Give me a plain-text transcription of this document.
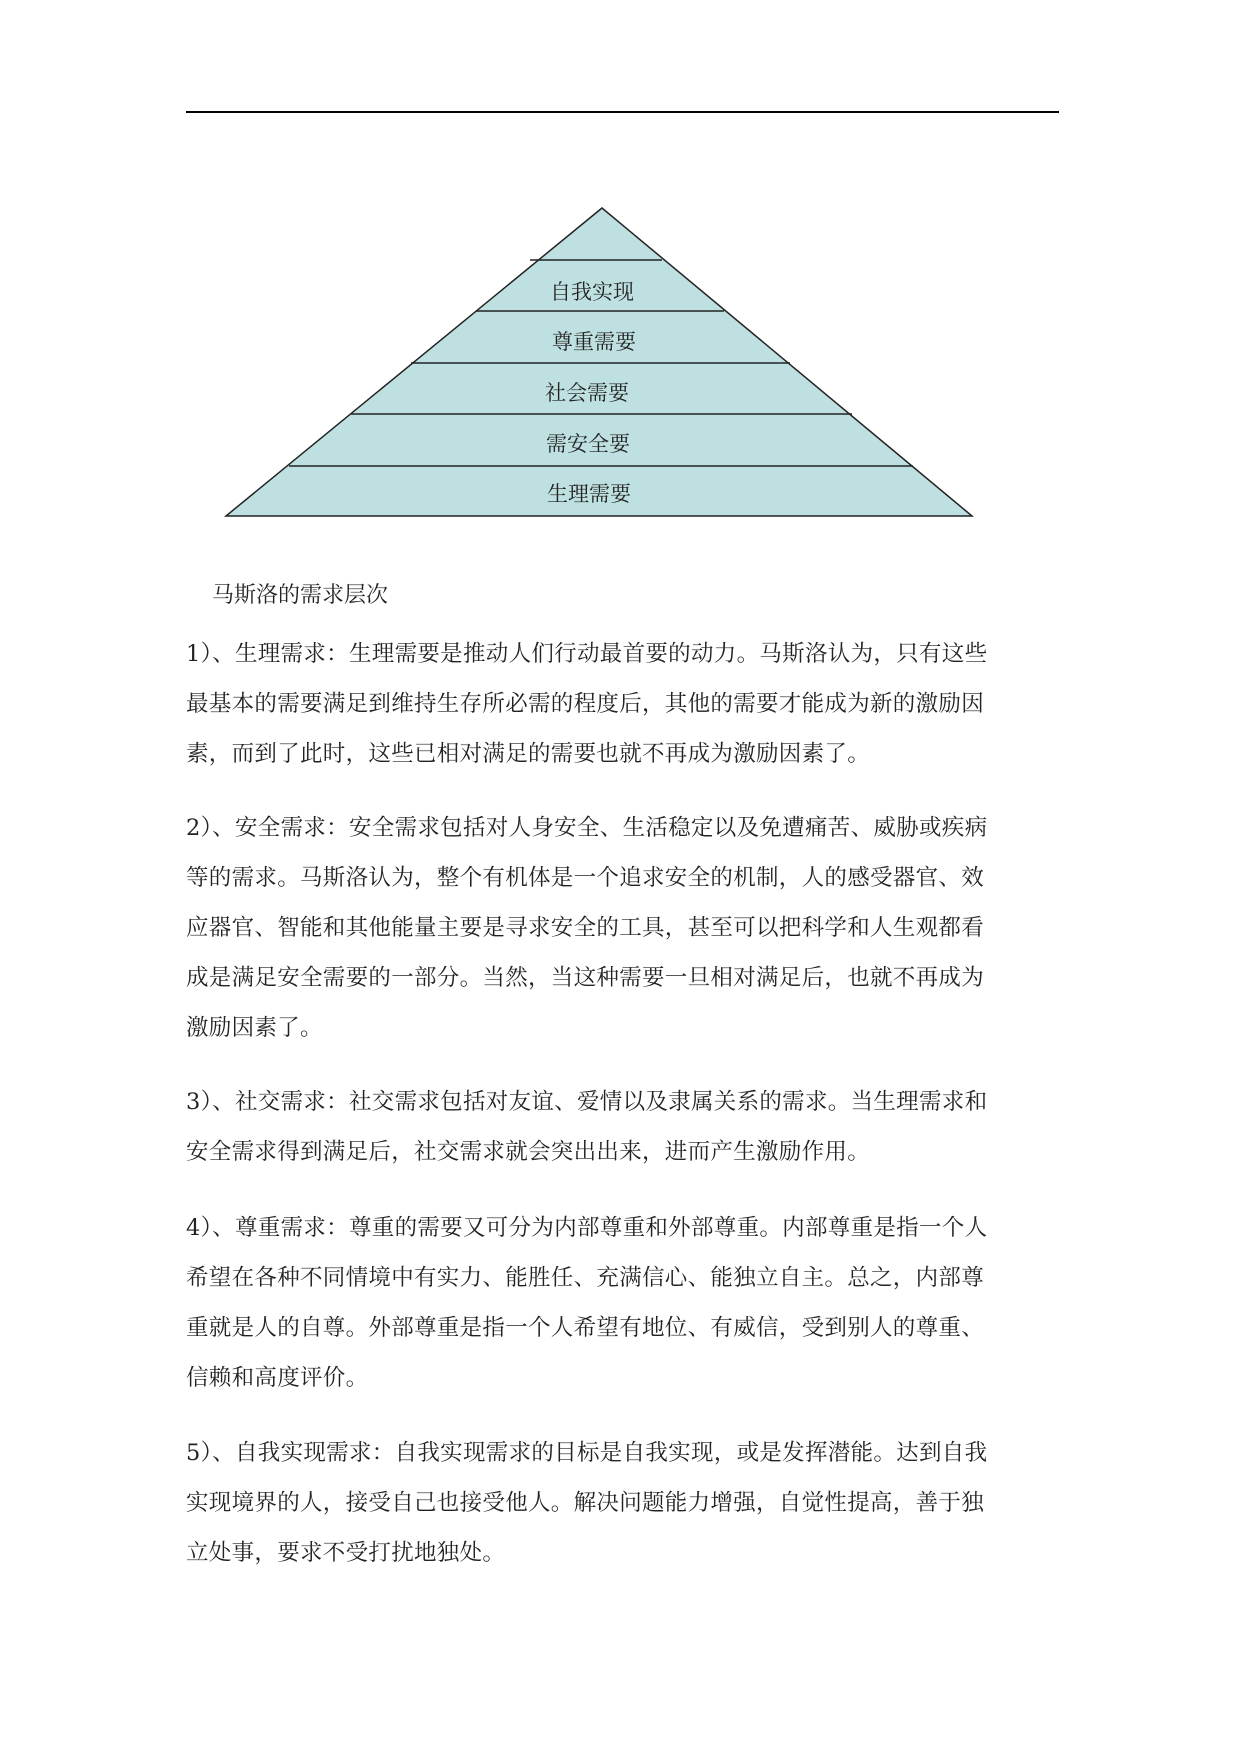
自我实现
尊重需要
社会需要
需安全要
生理需要
马斯洛的需求层次
1）、生理需求：生理需要是推动人们行动最首要的动力。马斯洛认为，只有这些
最基本的需要满足到维持生存所必需的程度后，其他的需要才能成为新的激励因
素，而到了此时，这些已相对满足的需要也就不再成为激励因素了。
2）、安全需求：安全需求包括对人身安全、生活稳定以及免遭痛苦、威胁或疾病
等的需求。马斯洛认为，整个有机体是一个追求安全的机制，人的感受器官、效
应器官、智能和其他能量主要是寻求安全的工具，甚至可以把科学和人生观都看
成是满足安全需要的一部分。当然，当这种需要一旦相对满足后，也就不再成为
激励因素了。
3）、社交需求：社交需求包括对友谊、爱情以及隶属关系的需求。当生理需求和
安全需求得到满足后，社交需求就会突出出来，进而产生激励作用。
4）、尊重需求：尊重的需要又可分为内部尊重和外部尊重。内部尊重是指一个人
希望在各种不同情境中有实力、能胜任、充满信心、能独立自主。总之，内部尊
重就是人的自尊。外部尊重是指一个人希望有地位、有威信，受到别人的尊重、
信赖和高度评价。
5）、自我实现需求：自我实现需求的目标是自我实现，或是发挥潜能。达到自我
实现境界的人，接受自己也接受他人。解决问题能力增强，自觉性提高，善于独
立处事，要求不受打扰地独处。
